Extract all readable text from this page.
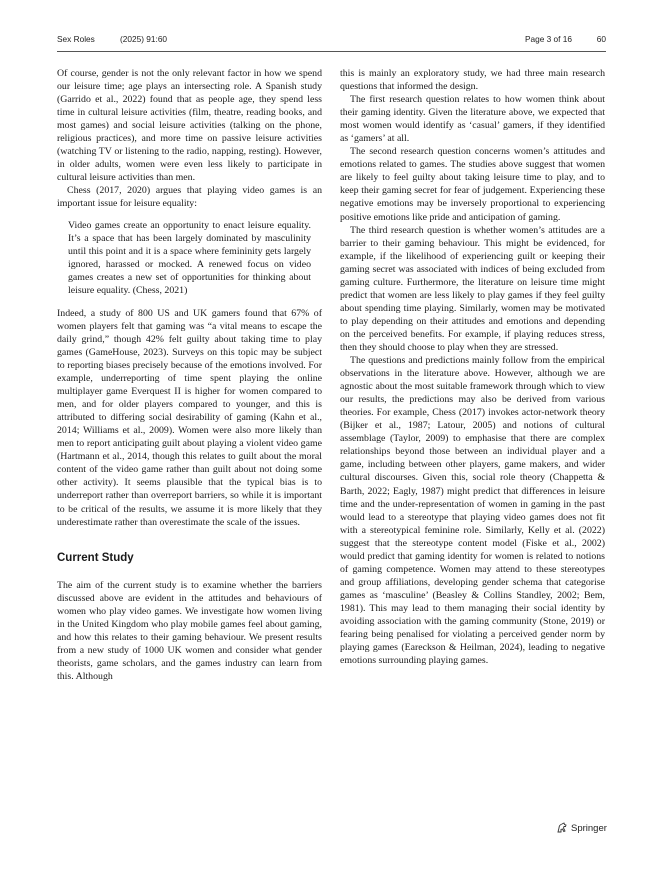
Sex Roles	(2025) 91:60	Page 3 of 16	60

Of course, gender is not the only relevant factor in how we spend our leisure time; age plays an intersecting role. A Spanish study (Garrido et al., 2022) found that as people age, they spend less time in cultural leisure activities (film, theatre, reading books, and most games) and social leisure activities (talking on the phone, religious practices), and more time on passive leisure activities (watching TV or listening to the radio, napping, resting). However, in older adults, women were even less likely to participate in cultural leisure activities than men.

Chess (2017, 2020) argues that playing video games is an important issue for leisure equality:

Video games create an opportunity to enact leisure equality. It’s a space that has been largely dominated by masculinity until this point and it is a space where femininity gets largely ignored, harassed or mocked. A renewed focus on video games creates a new set of opportunities for thinking about leisure equality. (Chess, 2021)

Indeed, a study of 800 US and UK gamers found that 67% of women players felt that gaming was “a vital means to escape the daily grind,” though 42% felt guilty about taking time to play games (GameHouse, 2023). Surveys on this topic may be subject to reporting biases precisely because of the emotions involved. For example, underreporting of time spent playing the online multiplayer game Everquest II is higher for women compared to men, and for older players compared to younger, and this is attributed to differing social desirability of gaming (Kahn et al., 2014; Williams et al., 2009). Women were also more likely than men to report anticipating guilt about playing a violent video game (Hartmann et al., 2014, though this relates to guilt about the moral content of the video game rather than guilt about not doing some other activity). It seems plausible that the typical bias is to underreport rather than overreport barriers, so while it is important to be critical of the results, we assume it is more likely that they underestimate rather than overestimate the scale of the issues.

Current Study

The aim of the current study is to examine whether the barriers discussed above are evident in the attitudes and behaviours of women who play video games. We investigate how women living in the United Kingdom who play mobile games feel about gaming, and how this relates to their gaming behaviour. We present results from a new study of 1000 UK women and consider what gender theorists, game scholars, and the games industry can learn from this. Although

this is mainly an exploratory study, we had three main research questions that informed the design.

The first research question relates to how women think about their gaming identity. Given the literature above, we expected that most women would identify as ‘casual’ gamers, if they identified as ‘gamers’ at all.

The second research question concerns women’s attitudes and emotions related to games. The studies above suggest that women are likely to feel guilty about taking leisure time to play, and to keep their gaming secret for fear of judgement. Experiencing these negative emotions may be inversely proportional to experiencing positive emotions like pride and anticipation of gaming.

The third research question is whether women’s attitudes are a barrier to their gaming behaviour. This might be evidenced, for example, if the likelihood of experiencing guilt or keeping their gaming secret was associated with indices of being excluded from gaming culture. Furthermore, the literature on leisure time might predict that women are less likely to play games if they feel guilty about spending time playing. Similarly, women may be motivated to play depending on their attitudes and emotions and depending on the perceived benefits. For example, if playing reduces stress, then they should choose to play when they are stressed.

The questions and predictions mainly follow from the empirical observations in the literature above. However, although we are agnostic about the most suitable framework through which to view our results, the predictions may also be derived from various theories. For example, Chess (2017) invokes actor-network theory (Bijker et al., 1987; Latour, 2005) and notions of cultural assemblage (Taylor, 2009) to emphasise that there are complex relationships beyond those between an individual player and a game, including between other players, game makers, and wider cultural discourses. Given this, social role theory (Chappetta & Barth, 2022; Eagly, 1987) might predict that differences in leisure time and the under-representation of women in gaming in the past would lead to a stereotype that playing video games does not fit with a stereotypical feminine role. Similarly, Kelly et al. (2022) suggest that the stereotype content model (Fiske et al., 2002) would predict that gaming identity for women is related to notions of gaming competence. Women may attend to these stereotypes and group affiliations, developing gender schema that categorise games as ‘masculine’ (Beasley & Collins Standley, 2002; Bem, 1981). This may lead to them managing their social identity by avoiding association with the gaming community (Stone, 2019) or fearing being penalised for violating a perceived gender norm by playing games (Eareckson & Heilman, 2024), leading to negative emotions surrounding playing games.

Springer
